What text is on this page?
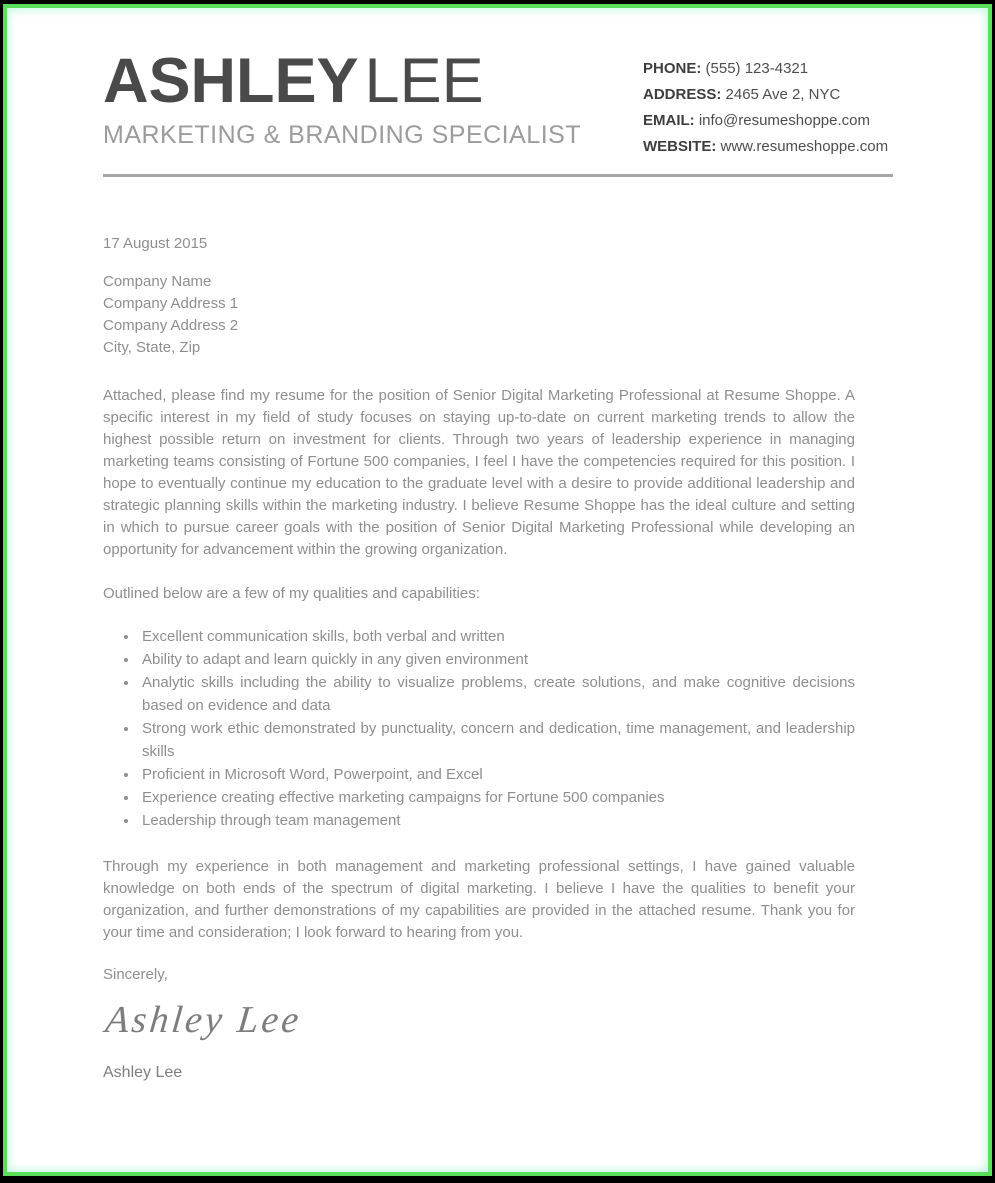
ASHLEYLEE
MARKETING & BRANDING SPECIALIST
PHONE: (555) 123-4321
ADDRESS: 2465 Ave 2, NYC
EMAIL: info@resumeshoppe.com
WEBSITE: www.resumeshoppe.com
17 August 2015
Company Name
Company Address 1
Company Address 2
City, State, Zip
Attached, please find my resume for the position of Senior Digital Marketing Professional at Resume Shoppe. A specific interest in my field of study focuses on staying up-to-date on current marketing trends to allow the highest possible return on investment for clients. Through two years of leadership experience in managing marketing teams consisting of Fortune 500 companies, I feel I have the competencies required for this position. I hope to eventually continue my education to the graduate level with a desire to provide additional leadership and strategic planning skills within the marketing industry. I believe Resume Shoppe has the ideal culture and setting in which to pursue career goals with the position of Senior Digital Marketing Professional while developing an opportunity for advancement within the growing organization.
Outlined below are a few of my qualities and capabilities:
• Excellent communication skills, both verbal and written
• Ability to adapt and learn quickly in any given environment
• Analytic skills including the ability to visualize problems, create solutions, and make cognitive decisions based on evidence and data
• Strong work ethic demonstrated by punctuality, concern and dedication, time management, and leadership skills
• Proficient in Microsoft Word, Powerpoint, and Excel
• Experience creating effective marketing campaigns for Fortune 500 companies
• Leadership through team management
Through my experience in both management and marketing professional settings, I have gained valuable knowledge on both ends of the spectrum of digital marketing. I believe I have the qualities to benefit your organization, and further demonstrations of my capabilities are provided in the attached resume. Thank you for your time and consideration; I look forward to hearing from you.
Sincerely,
Ashley Lee
Ashley Lee
